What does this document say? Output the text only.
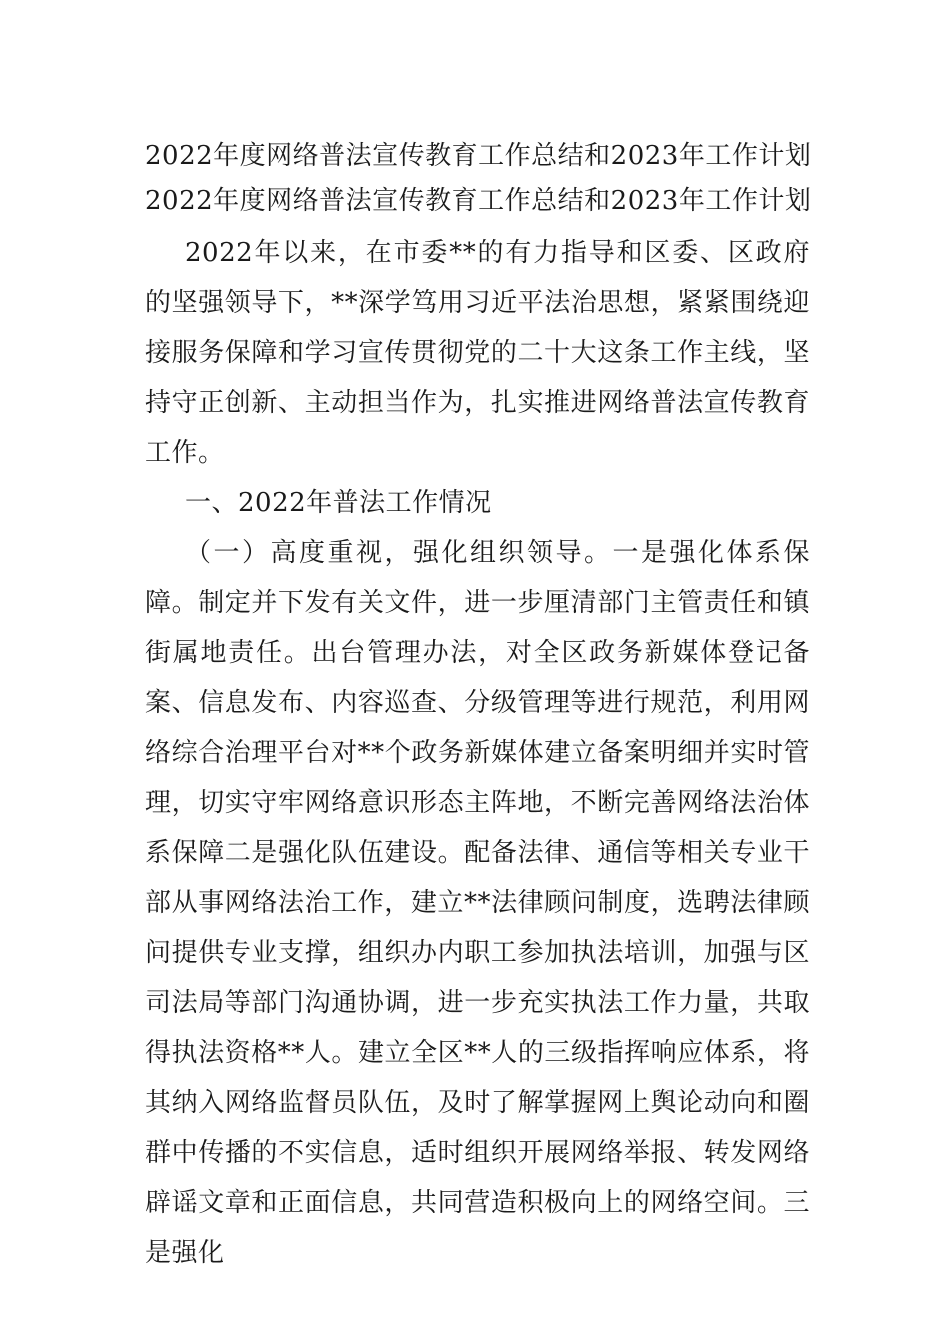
2022年度网络普法宣传教育工作总结和2023年工作计划
2022年度网络普法宣传教育工作总结和2023年工作计划

2022年以来，在市委**的有力指导和区委、区政府的坚强领导下，**深学笃用习近平法治思想，紧紧围绕迎接服务保障和学习宣传贯彻党的二十大这条工作主线，坚持守正创新、主动担当作为，扎实推进网络普法宣传教育工作。

一、2022年普法工作情况

（一）高度重视，强化组织领导。一是强化体系保障。制定并下发有关文件，进一步厘清部门主管责任和镇街属地责任。出台管理办法，对全区政务新媒体登记备案、信息发布、内容巡查、分级管理等进行规范，利用网络综合治理平台对**个政务新媒体建立备案明细并实时管理，切实守牢网络意识形态主阵地，不断完善网络法治体系保障二是强化队伍建设。配备法律、通信等相关专业干部从事网络法治工作，建立**法律顾问制度，选聘法律顾问提供专业支撑，组织办内职工参加执法培训，加强与区司法局等部门沟通协调，进一步充实执法工作力量，共取得执法资格**人。建立全区**人的三级指挥响应体系，将其纳入网络监督员队伍，及时了解掌握网上舆论动向和圈群中传播的不实信息，适时组织开展网络举报、转发网络辟谣文章和正面信息，共同营造积极向上的网络空间。三是强化
